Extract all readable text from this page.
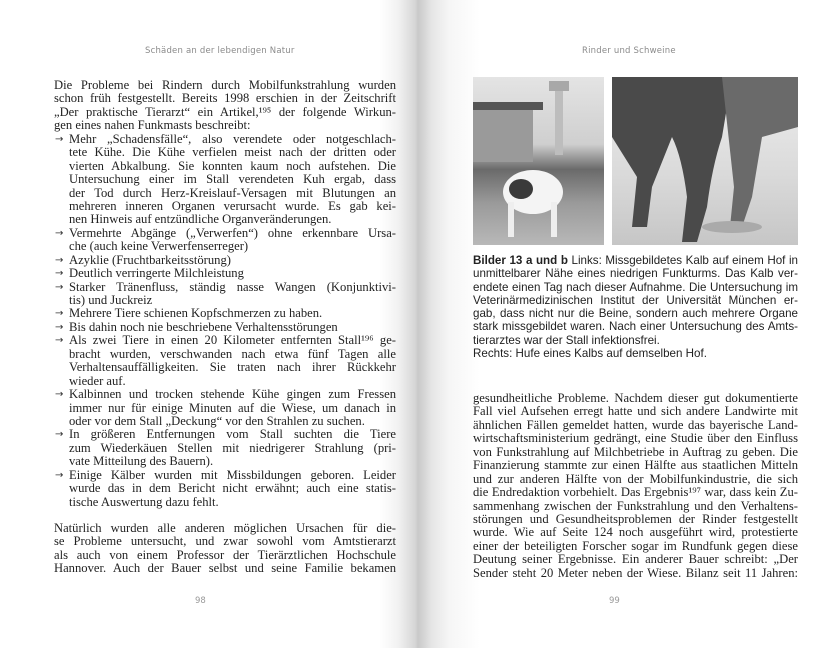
Schäden an der lebendigen Natur	Rinder und Schweine
Die Probleme bei Rindern durch Mobilfunkstrahlung wurden
schon früh festgestellt. Bereits 1998 erschien in der Zeitschrift
„Der praktische Tierarzt“ ein Artikel,¹⁹⁵ der folgende Wirkun-
gen eines nahen Funkmasts beschreibt:
→ Mehr „Schadensfälle“, also verendete oder notgeschlach-
tete Kühe. Die Kühe verfielen meist nach der dritten oder
vierten Abkalbung. Sie konnten kaum noch aufstehen. Die
Untersuchung einer im Stall verendeten Kuh ergab, dass
der Tod durch Herz-Kreislauf-Versagen mit Blutungen an
mehreren inneren Organen verursacht wurde. Es gab kei-
nen Hinweis auf entzündliche Organveränderungen.
→ Vermehrte Abgänge („Verwerfen“) ohne erkennbare Ursa-
che (auch keine Verwerfenserreger)
→ Azyklie (Fruchtbarkeitsstörung)
→ Deutlich verringerte Milchleistung
→ Starker Tränenfluss, ständig nasse Wangen (Konjunktivi-
tis) und Juckreiz
→ Mehrere Tiere schienen Kopfschmerzen zu haben.
→ Bis dahin noch nie beschriebene Verhaltensstörungen
→ Als zwei Tiere in einen 20 Kilometer entfernten Stall¹⁹⁶ ge-
bracht wurden, verschwanden nach etwa fünf Tagen alle
Verhaltensauffälligkeiten. Sie traten nach ihrer Rückkehr
wieder auf.
→ Kalbinnen und trocken stehende Kühe gingen zum Fressen
immer nur für einige Minuten auf die Wiese, um danach in
oder vor dem Stall „Deckung“ vor den Strahlen zu suchen.
→ In größeren Entfernungen vom Stall suchten die Tiere
zum Wiederkäuen Stellen mit niedrigerer Strahlung (pri-
vate Mitteilung des Bauern).
→ Einige Kälber wurden mit Missbildungen geboren. Leider
wurde das in dem Bericht nicht erwähnt; auch eine statis-
tische Auswertung dazu fehlt.
Natürlich wurden alle anderen möglichen Ursachen für die-
se Probleme untersucht, und zwar sowohl vom Amtstierarzt
als auch von einem Professor der Tierärztlichen Hochschule
Hannover. Auch der Bauer selbst und seine Familie bekamen
Bilder 13 a und b Links: Missgebildetes Kalb auf einem Hof in
unmittelbarer Nähe eines niedrigen Funkturms. Das Kalb ver-
endete einen Tag nach dieser Aufnahme. Die Untersuchung im
Veterinärmedizinischen Institut der Universität München er-
gab, dass nicht nur die Beine, sondern auch mehrere Organe
stark missgebildet waren. Nach einer Untersuchung des Amts-
tierarztes war der Stall infektionsfrei.
Rechts: Hufe eines Kalbs auf demselben Hof.
gesundheitliche Probleme. Nachdem dieser gut dokumentierte
Fall viel Aufsehen erregt hatte und sich andere Landwirte mit
ähnlichen Fällen gemeldet hatten, wurde das bayerische Land-
wirtschaftsministerium gedrängt, eine Studie über den Einfluss
von Funkstrahlung auf Milchbetriebe in Auftrag zu geben. Die
Finanzierung stammte zur einen Hälfte aus staatlichen Mitteln
und zur anderen Hälfte von der Mobilfunkindustrie, die sich
die Endredaktion vorbehielt. Das Ergebnis¹⁹⁷ war, dass kein Zu-
sammenhang zwischen der Funkstrahlung und den Verhaltens-
störungen und Gesundheitsproblemen der Rinder festgestellt
wurde. Wie auf Seite 124 noch ausgeführt wird, protestierte
einer der beteiligten Forscher sogar im Rundfunk gegen diese
Deutung seiner Ergebnisse. Ein anderer Bauer schreibt: „Der
Sender steht 20 Meter neben der Wiese. Bilanz seit 11 Jahren:
98	99
